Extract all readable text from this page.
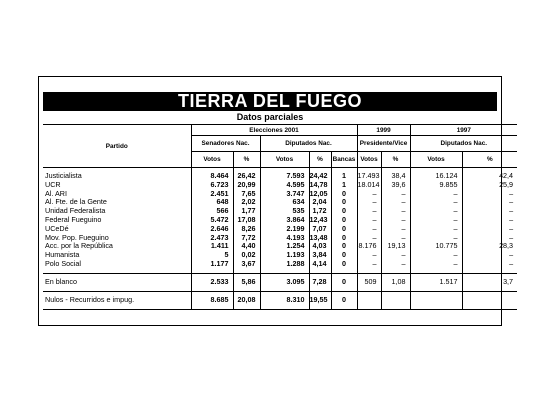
TIERRA DEL FUEGO
Datos parciales
Partido	Elecciones 2001					1999		1997	
	Senadores Nac.		Diputados Nac.			Presidente/Vice		Diputados Nac.	
	Votos	%	Votos	%	Bancas	Votos	%	Votos	%

Justicialista	8.464	26,42	7.593	24,42	1	17.493	38,4	16.124	42,4
UCR	6.723	20,99	4.595	14,78	1	18.014	39,6	9.855	25,9
Al. ARI	2.451	7,65	3.747	12,05	0	–	–	–	–
Al. Fte. de la Gente	648	2,02	634	2,04	0	–	–	–	–
Unidad Federalista	566	1,77	535	1,72	0	–	–	–	–
Federal Fueguino	5.472	17,08	3.864	12,43	0	–	–	–	–
UCeDé	2.646	8,26	2.199	7,07	0	–	–	–	–
Mov. Pop. Fueguino	2.473	7,72	4.193	13,48	0	–	–	–	–
Acc. por la República	1.411	4,40	1.254	4,03	0	8.176	19,13	10.775	28,3
Humanista	5	0,02	1.193	3,84	0	–	–	–	–
Polo Social	1.177	3,67	1.288	4,14	0	–	–	–	–

En blanco	2.533	5,86	3.095	7,28	0	509	1,08	1.517	3,7
Nulos - Recurridos e impug.	8.685	20,08	8.310	19,55	0				
